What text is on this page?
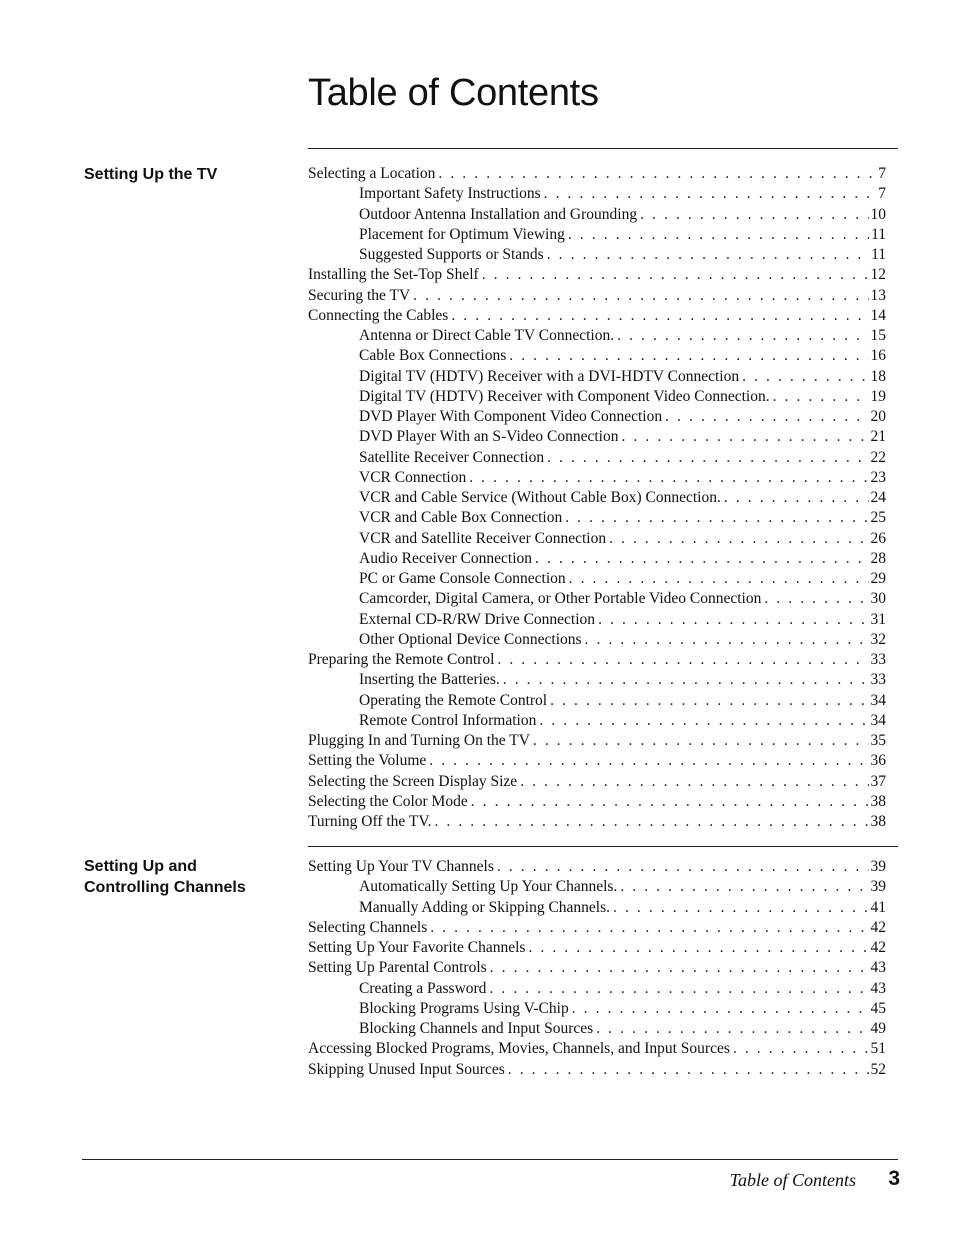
Table of Contents
Setting Up the TV	Selecting a Location . . .	7
Important Safety Instructions . . .	7
Outdoor Antenna Installation and Grounding . . .	10
Placement for Optimum Viewing . . .	11
Suggested Supports or Stands . . .	11
Installing the Set-Top Shelf . . .	12
Securing the TV . . .	13
Connecting the Cables . . .	14
Antenna or Direct Cable TV Connection. . . .	15
Cable Box Connections . . .	16
Digital TV (HDTV) Receiver with a DVI-HDTV Connection . . .	18
Digital TV (HDTV) Receiver with Component Video Connection. . . .	19
DVD Player With Component Video Connection . . .	20
DVD Player With an S-Video Connection . . .	21
Satellite Receiver Connection . . .	22
VCR Connection . . .	23
VCR and Cable Service (Without Cable Box) Connection. . . .	24
VCR and Cable Box Connection . . .	25
VCR and Satellite Receiver Connection . . .	26
Audio Receiver Connection . . .	28
PC or Game Console Connection . . .	29
Camcorder, Digital Camera, or Other Portable Video Connection . . .	30
External CD-R/RW Drive Connection . . .	31
Other Optional Device Connections . . .	32
Preparing the Remote Control . . .	33
Inserting the Batteries. . . .	33
Operating the Remote Control . . .	34
Remote Control Information . . .	34
Plugging In and Turning On the TV . . .	35
Setting the Volume . . .	36
Selecting the Screen Display Size . . .	37
Selecting the Color Mode . . .	38
Turning Off the TV. . . .	38
Setting Up and
Controlling Channels
Setting Up Your TV Channels . . .	39
Automatically Setting Up Your Channels. . . .	39
Manually Adding or Skipping Channels. . . .	41
Selecting Channels . . .	42
Setting Up Your Favorite Channels . . .	42
Setting Up Parental Controls . . .	43
Creating a Password . . .	43
Blocking Programs Using V-Chip . . .	45
Blocking Channels and Input Sources . . .	49
Accessing Blocked Programs, Movies, Channels, and Input Sources . . .	51
Skipping Unused Input Sources . . .	52
Table of Contents 3
